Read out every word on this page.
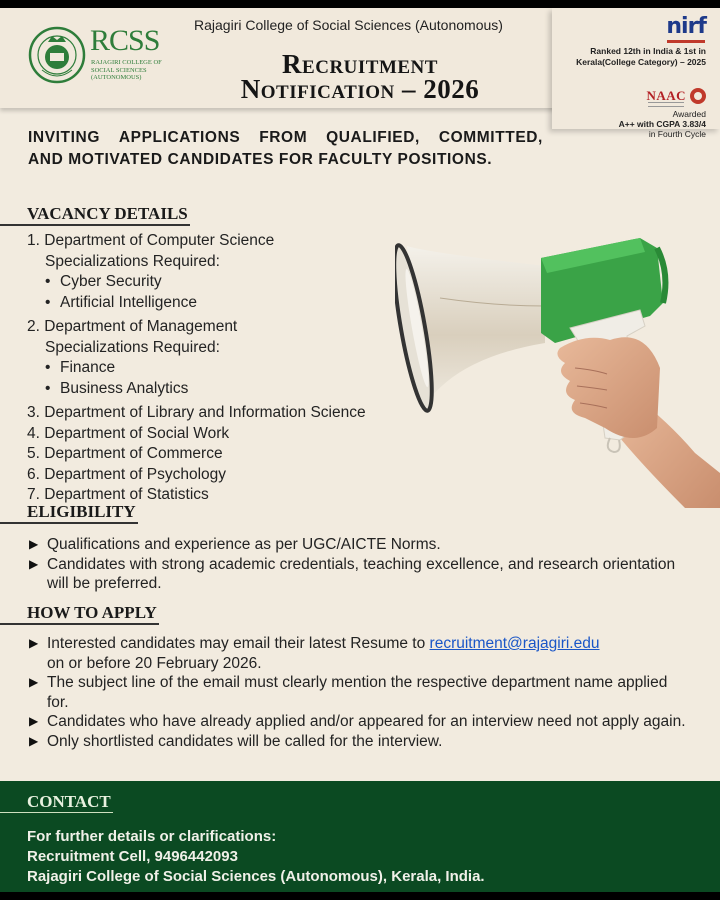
RCSS
RAJAGIRI COLLEGE OF SOCIAL SCIENCES
(AUTONOMOUS)
Rajagiri College of Social Sciences (Autonomous)
Recruitment
Notification – 2026
nirf
Ranked 12th in India & 1st in Kerala(College Category) – 2025
NAAC
Awarded
A++ with CGPA 3.83/4
in Fourth Cycle
INVITING APPLICATIONS FROM QUALIFIED, COMMITTED,
AND MOTIVATED CANDIDATES FOR FACULTY POSITIONS.
VACANCY DETAILS
1. Department of Computer Science
Specializations Required:
• Cyber Security
• Artificial Intelligence
2. Department of Management
Specializations Required:
• Finance
• Business Analytics
3. Department of Library and Information Science
4. Department of Social Work
5. Department of Commerce
6. Department of Psychology
7. Department of Statistics
ELIGIBILITY
▶ Qualifications and experience as per UGC/AICTE Norms.
▶ Candidates with strong academic credentials, teaching excellence, and research orientation will be preferred.
HOW TO APPLY
▶ Interested candidates may email their latest Resume to recruitment@rajagiri.edu
on or before 20 February 2026.
▶ The subject line of the email must clearly mention the respective department name applied for.
▶ Candidates who have already applied and/or appeared for an interview need not apply again.
▶ Only shortlisted candidates will be called for the interview.
CONTACT
For further details or clarifications:
Recruitment Cell, 9496442093
Rajagiri College of Social Sciences (Autonomous), Kerala, India.
